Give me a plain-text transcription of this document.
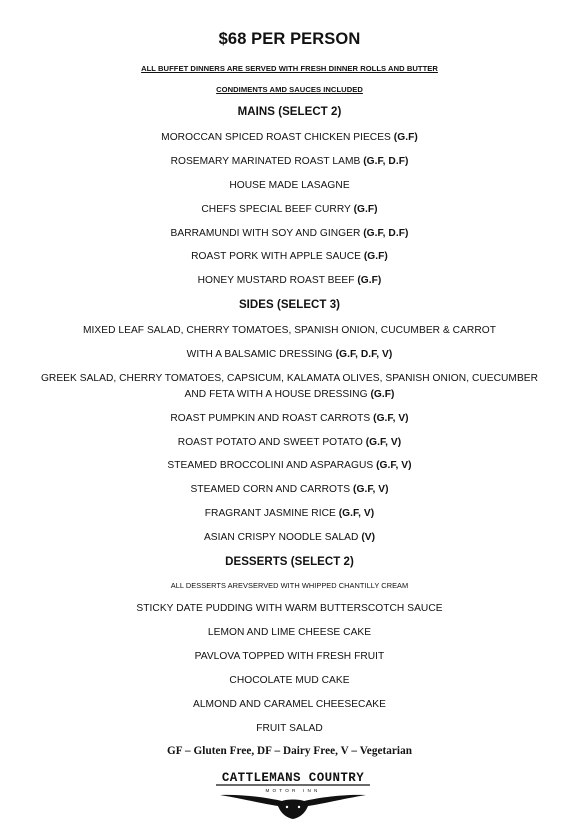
$68 PER PERSON
ALL BUFFET DINNERS ARE SERVED WITH FRESH DINNER ROLLS AND BUTTER
CONDIMENTS AMD SAUCES INCLUDED
MAINS (SELECT 2)
MOROCCAN SPICED ROAST CHICKEN PIECES (G.F)
ROSEMARY MARINATED ROAST LAMB (G.F, D.F)
HOUSE MADE LASAGNE
CHEFS SPECIAL BEEF CURRY (G.F)
BARRAMUNDI WITH SOY AND GINGER (G.F, D.F)
ROAST PORK WITH APPLE SAUCE (G.F)
HONEY MUSTARD ROAST BEEF (G.F)
SIDES (SELECT 3)
MIXED LEAF SALAD, CHERRY TOMATOES, SPANISH ONION, CUCUMBER & CARROT
WITH A BALSAMIC DRESSING (G.F, D.F, V)
GREEK SALAD, CHERRY TOMATOES, CAPSICUM, KALAMATA OLIVES, SPANISH ONION, CUECUMBER AND FETA WITH A HOUSE DRESSING (G.F)
ROAST PUMPKIN AND ROAST CARROTS (G.F, V)
ROAST POTATO AND SWEET POTATO (G.F, V)
STEAMED BROCCOLINI AND ASPARAGUS (G.F, V)
STEAMED CORN AND CARROTS (G.F, V)
FRAGRANT JASMINE RICE (G.F, V)
ASIAN CRISPY NOODLE SALAD (V)
DESSERTS (SELECT 2)
ALL DESSERTS AREVSERVED WITH WHIPPED CHANTILLY CREAM
STICKY DATE PUDDING WITH WARM BUTTERSCOTCH SAUCE
LEMON AND LIME CHEESE CAKE
PAVLOVA TOPPED WITH FRESH FRUIT
CHOCOLATE MUD CAKE
ALMOND AND CARAMEL CHEESECAKE
FRUIT SALAD
GF – Gluten Free, DF – Dairy Free, V – Vegetarian
CATTLEMANS COUNTRY
MOTOR INN
